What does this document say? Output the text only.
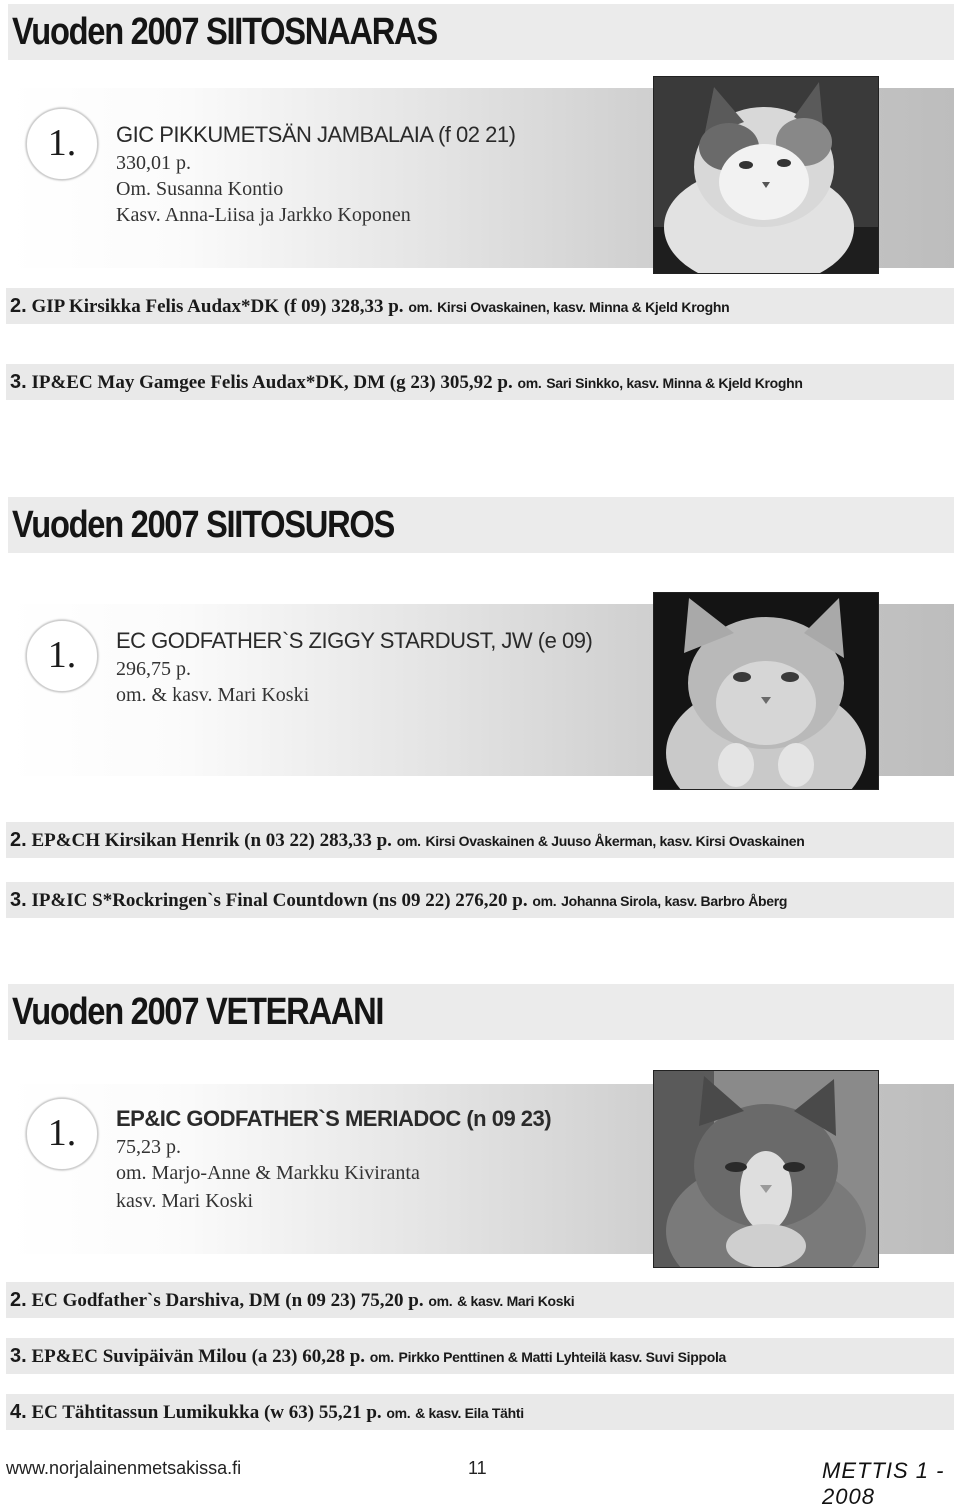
Vuoden 2007 SIITOSNAARAS
1.	GIC PIKKUMETSÄN JAMBALAIA (f 02 21)
330,01 p.
Om. Susanna Kontio
Kasv. Anna-Liisa ja Jarkko Koponen
2. GIP Kirsikka Felis Audax*DK (f 09) 328,33 p. om. Kirsi Ovaskainen, kasv. Minna & Kjeld Kroghn
3. IP&EC May Gamgee Felis Audax*DK, DM (g 23) 305,92 p. om. Sari Sinkko, kasv. Minna & Kjeld Kroghn
Vuoden 2007 SIITOSUROS
1.	EC GODFATHER`S ZIGGY STARDUST, JW (e 09)
296,75 p.
om. & kasv. Mari Koski
2. EP&CH Kirsikan Henrik (n 03 22) 283,33 p. om. Kirsi Ovaskainen & Juuso Åkerman, kasv. Kirsi Ovaskainen
3. IP&IC S*Rockringen`s Final Countdown (ns 09 22) 276,20 p. om. Johanna Sirola, kasv. Barbro Åberg
Vuoden 2007 VETERAANI
1.	EP&IC GODFATHER`S MERIADOC (n 09 23)
75,23 p.
om. Marjo-Anne & Markku Kiviranta
kasv. Mari Koski
2. EC Godfather`s Darshiva, DM (n 09 23) 75,20 p. om. & kasv. Mari Koski
3. EP&EC Suvipäivän Milou (a 23) 60,28 p. om. Pirkko Penttinen & Matti Lyhteilä kasv. Suvi Sippola
4. EC Tähtitassun Lumikukka (w 63) 55,21 p. om. & kasv. Eila Tähti
www.norjalainenmetsakissa.fi	11	METTIS 1 - 2008
